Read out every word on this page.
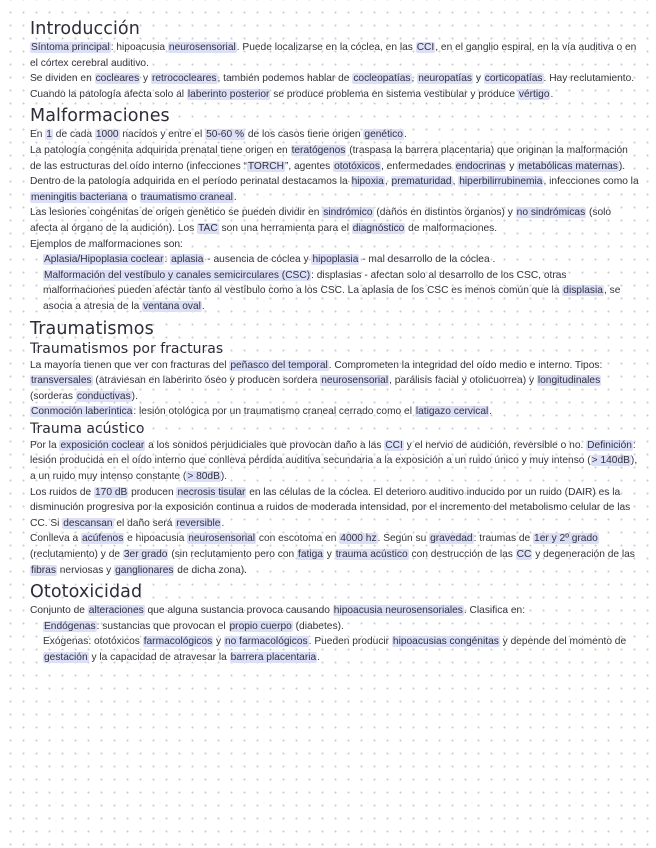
Introducción

Síntoma principal: hipoacusia neurosensorial. Puede localizarse en la cóclea, en las CCI, en el ganglio espiral, en la vía auditiva o en el córtex cerebral auditivo.

Se dividen en cocleares y retrococleares, también podemos hablar de cocleopatías, neuropatías y corticopatías. Hay reclutamiento. Cuando la patología afecta solo al laberinto posterior se produce problema en sistema vestibular y produce vértigo.

Malformaciones

En 1 de cada 1000 nacidos y entre el 50-60 % de los casos tiene origen genético.

La patología congénita adquirida prenatal tiene origen en teratógenos (traspasa la barrera placentaria) que originan la malformación de las estructuras del oído interno (infecciones “TORCH”, agentes ototóxicos, enfermedades endocrinas y metabólicas maternas).

Dentro de la patología adquirida en el período perinatal destacamos la hipoxia, prematuridad, hiperbilirrubinemia, infecciones como la meningitis bacteriana o traumatismo craneal.

Las lesiones congénitas de origen genético se pueden dividir en sindrómico (daños en distintos órganos) y no sindrómicas (solo afecta al órgano de la audición). Los TAC son una herramienta para el diagnóstico de malformaciones.

Ejemplos de malformaciones son:

Aplasia/Hipoplasia coclear: aplasia - ausencia de cóclea y hipoplasia - mal desarrollo de la cóclea .

Malformación del vestíbulo y canales semicirculares (CSC): displasias - afectan solo al desarrollo de los CSC, otras malformaciones pueden afectar tanto al vestíbulo como a los CSC. La aplasia de los CSC es menos común que la displasia, se asocia a atresia de la ventana oval.

Traumatismos
Traumatismos por fracturas

La mayoría tienen que ver con fracturas del peñasco del temporal. Comprometen la integridad del oído medio e interno. Tipos: transversales (atraviesan en laberinto óseo y producen sordera neurosensorial, parálisis facial y otolicuorrea) y longitudinales (sorderas conductivas).

Conmoción laberíntica: lesión otológica por un traumatismo craneal cerrado como el latigazo cervical.

Trauma acústico

Por la exposición coclear a los sonidos perjudiciales que provocan daño a las CCI y el nervio de audición, reversible o no. Definición: lesión producida en el oído interno que conlleva pérdida auditiva secundaria a la exposición a un ruido único y muy intenso (> 140dB), a un ruido muy intenso constante (> 80dB).

Los ruidos de 170 dB producen necrosis tisular en las células de la cóclea. El deterioro auditivo inducido por un ruido (DAIR) es la disminución progresiva por la exposición continua a ruidos de moderada intensidad, por el incremento del metabolismo celular de las CC. Si descansan el daño será reversible.

Conlleva a acúfenos e hipoacusia neurosensorial con escotoma en 4000 hz. Según su gravedad: traumas de 1er y 2º grado (reclutamiento) y de 3er grado (sin reclutamiento pero con fatiga y trauma acústico con destrucción de las CC y degeneración de las fibras nerviosas y ganglionares de dicha zona).

Ototoxicidad

Conjunto de alteraciones que alguna sustancia provoca causando hipoacusia neurosensoriales. Clasifica en:

Endógenas: sustancias que provocan el propio cuerpo (diabetes).

Exógenas: ototóxicos farmacológicos y no farmacológicos. Pueden producir hipoacusias congénitas y depende del momento de gestación y la capacidad de atravesar la barrera placentaria.
